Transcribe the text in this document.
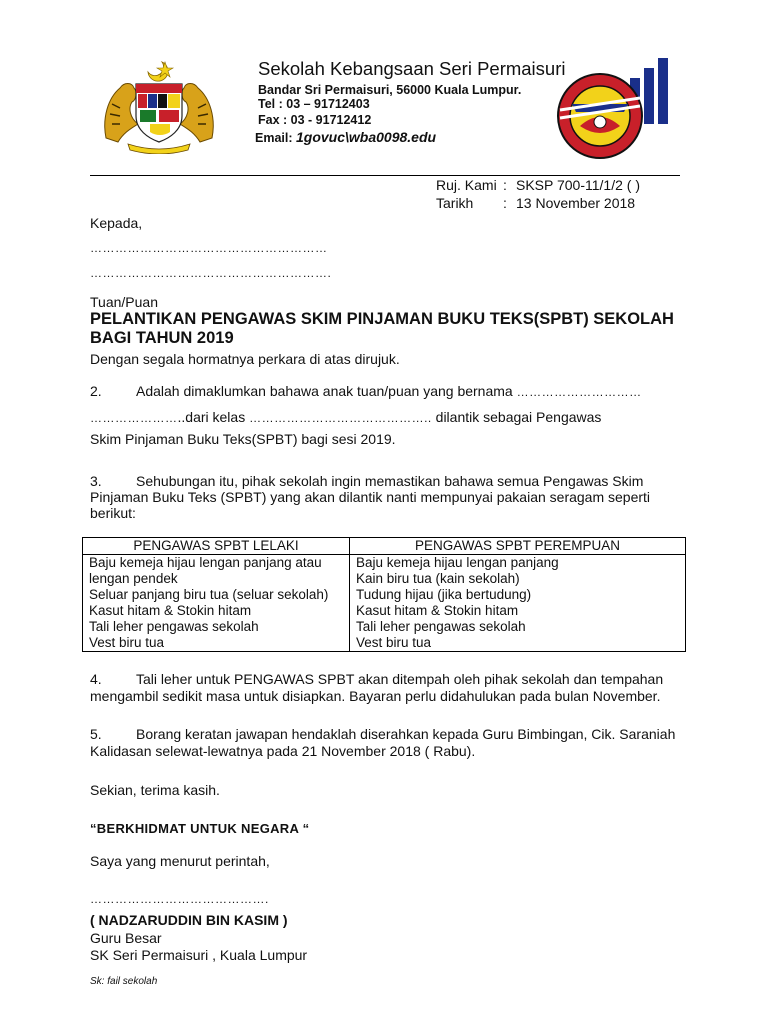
Sekolah Kebangsaan Seri Permaisuri
Bandar Sri Permaisuri, 56000 Kuala Lumpur.
Tel : 03 – 91712403
Fax : 03 - 91712412
Email: 1govuc\wba0098.edu
Ruj. Kami : SKSP 700-11/1/2 ( )
Tarikh : 13 November 2018
Kepada,
…………………………………………………
………………………………………………….
Tuan/Puan
PELANTIKAN PENGAWAS SKIM PINJAMAN BUKU TEKS(SPBT) SEKOLAH BAGI TAHUN 2019
Dengan segala hormatnya perkara di atas dirujuk.
2. Adalah dimaklumkan bahawa anak tuan/puan yang bernama …………………………
…………………..dari kelas …………………………………….. dilantik sebagai Pengawas
Skim Pinjaman Buku Teks(SPBT) bagi sesi 2019.
3. Sehubungan itu, pihak sekolah ingin memastikan bahawa semua Pengawas Skim
Pinjaman Buku Teks (SPBT) yang akan dilantik nanti mempunyai pakaian seragam seperti
berikut:
PENGAWAS SPBT LELAKI	PENGAWAS SPBT PEREMPUAN
Baju kemeja hijau lengan panjang atau	Baju kemeja hijau lengan panjang
lengan pendek	Kain biru tua (kain sekolah)
Seluar panjang biru tua (seluar sekolah)	Tudung hijau (jika bertudung)
Kasut hitam & Stokin hitam	Kasut hitam & Stokin hitam
Tali leher pengawas sekolah	Tali leher pengawas sekolah
Vest biru tua	Vest biru tua
4. Tali leher untuk PENGAWAS SPBT akan ditempah oleh pihak sekolah dan tempahan
mengambil sedikit masa untuk disiapkan. Bayaran perlu didahulukan pada bulan November.
5. Borang keratan jawapan hendaklah diserahkan kepada Guru Bimbingan, Cik. Saraniah
Kalidasan selewat-lewatnya pada 21 November 2018 ( Rabu).
Sekian, terima kasih.
“BERKHIDMAT UNTUK NEGARA “
Saya yang menurut perintah,
…………………………………….
( NADZARUDDIN BIN KASIM )
Guru Besar
SK Seri Permaisuri , Kuala Lumpur
Sk: fail sekolah
